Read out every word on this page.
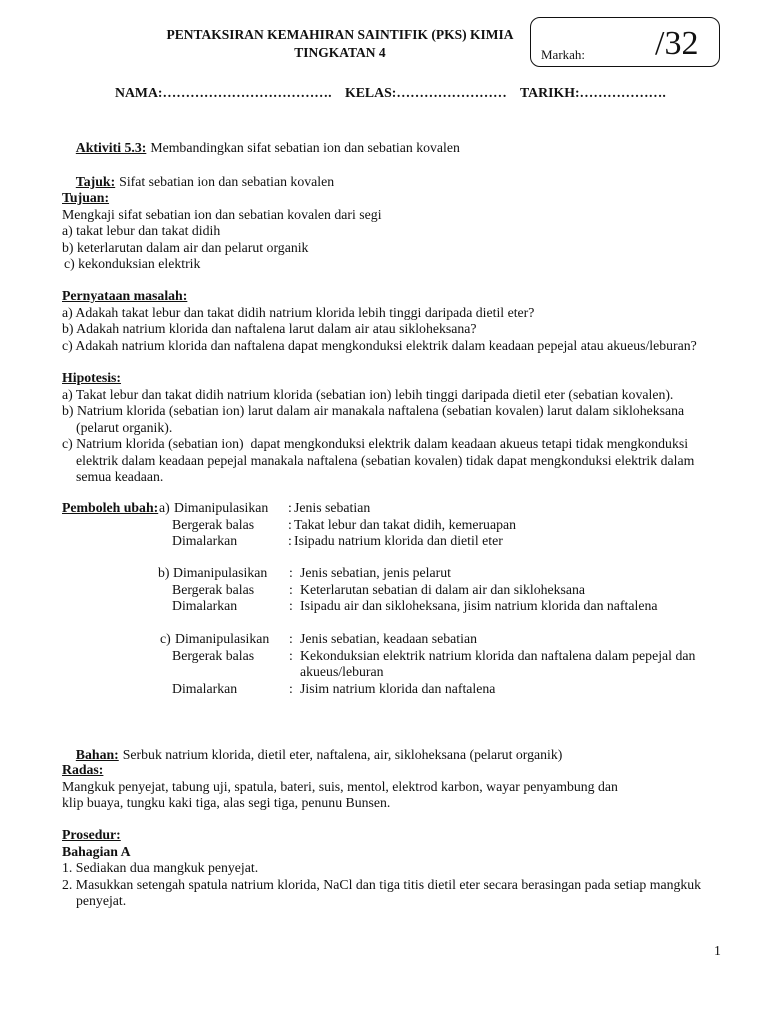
PENTAKSIRAN KEMAHIRAN SAINTIFIK (PKS) KIMIA
TINGKATAN 4	Markah: /32
NAMA:………………………………. KELAS:…………………… TARIKH:……………….

Aktiviti 5.3: Membandingkan sifat sebatian ion dan sebatian kovalen

Tajuk: Sifat sebatian ion dan sebatian kovalen

Tujuan:
Mengkaji sifat sebatian ion dan sebatian kovalen dari segi
a) takat lebur dan takat didih
b) keterlarutan dalam air dan pelarut organik
c) kekonduksian elektrik
Pernyataan masalah:
a) Adakah takat lebur dan takat didih natrium klorida lebih tinggi daripada dietil eter?
b) Adakah natrium klorida dan naftalena larut dalam air atau sikloheksana?
c) Adakah natrium klorida dan naftalena dapat mengkonduksi elektrik dalam keadaan pepejal atau akueus/leburan?
Hipotesis:
a) Takat lebur dan takat didih natrium klorida (sebatian ion) lebih tinggi daripada dietil eter (sebatian kovalen).
b) Natrium klorida (sebatian ion) larut dalam air manakala naftalena (sebatian kovalen) larut dalam sikloheksana
(pelarut organik).
c) Natrium klorida (sebatian ion)  dapat mengkonduksi elektrik dalam keadaan akueus tetapi tidak mengkonduksi
elektrik dalam keadaan pepejal manakala naftalena (sebatian kovalen) tidak dapat mengkonduksi elektrik dalam
semua keadaan.
Pemboleh ubah: a) Dimanipulasikan : Jenis sebatian
Bergerak balas : Takat lebur dan takat didih, kemeruapan
Dimalarkan	: Isipadu natrium klorida dan dietil eter
b) Dimanipulasikan : Jenis sebatian, jenis pelarut
Bergerak balas	: Keterlarutan sebatian di dalam air dan sikloheksana
Dimalarkan	: Isipadu air dan sikloheksana, jisim natrium klorida dan naftalena
c) Dimanipulasikan : Jenis sebatian, keadaan sebatian
Bergerak balas	: Kekonduksian elektrik natrium klorida dan naftalena dalam pepejal dan
akueus/leburan
Dimalarkan	: Jisim natrium klorida dan naftalena

Bahan: Serbuk natrium klorida, dietil eter, naftalena, air, sikloheksana (pelarut organik)

Radas:
Mangkuk penyejat, tabung uji, spatula, bateri, suis, mentol, elektrod karbon, wayar penyambung dan
klip buaya, tungku kaki tiga, alas segi tiga, penunu Bunsen.
Prosedur:
Bahagian A
1. Sediakan dua mangkuk penyejat.
2. Masukkan setengah spatula natrium klorida, NaCl dan tiga titis dietil eter secara berasingan pada setiap mangkuk
penyejat.
1
